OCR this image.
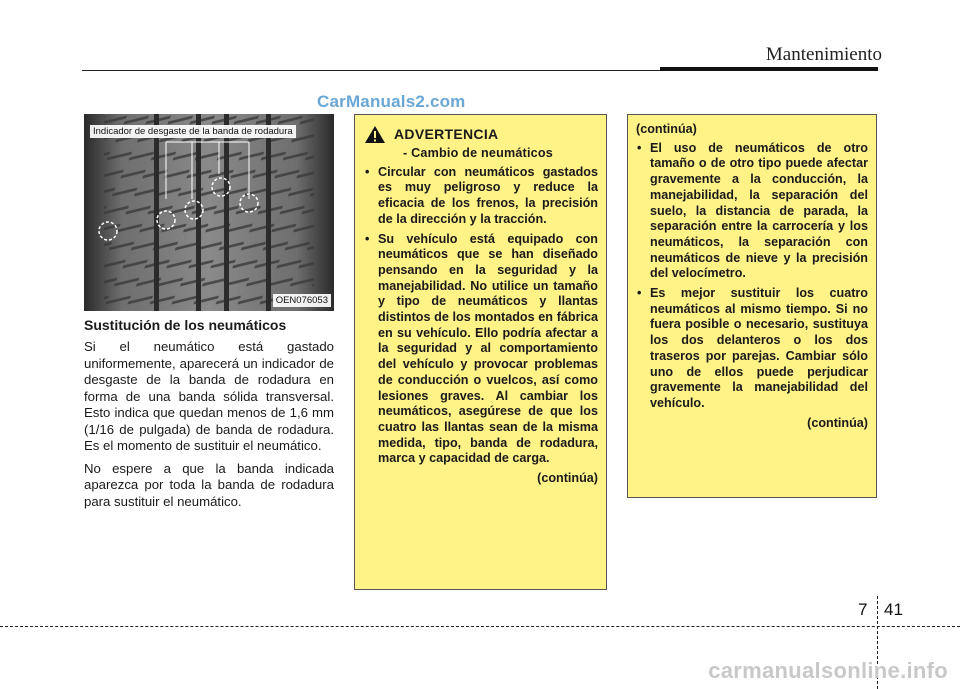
Mantenimiento
CarManuals2.com
Indicador de desgaste de la banda de rodadura
OEN076053
Sustitución de los neumáticos

Si el neumático está gastado uniformemente, aparecerá un indicador de desgaste de la banda de rodadura en forma de una banda sólida transversal. Esto indica que quedan menos de 1,6 mm (1/16 de pulgada) de banda de rodadura. Es el momento de sustituir el neumático.

No espere a que la banda indicada aparezca por toda la banda de rodadura para sustituir el neumático.

ADVERTENCIA
- Cambio de neumáticos
• Circular con neumáticos gastados es muy peligroso y reduce la eficacia de los frenos, la precisión de la dirección y la tracción.
• Su vehículo está equipado con neumáticos que se han diseñado pensando en la seguridad y la manejabilidad. No utilice un tamaño y tipo de neumáticos y llantas distintos de los montados en fábrica en su vehículo. Ello podría afectar a la seguridad y al comportamiento del vehículo y provocar problemas de conducción o vuelcos, así como lesiones graves. Al cambiar los neumáticos, asegúrese de que los cuatro las llantas sean de la misma medida, tipo, banda de rodadura, marca y capacidad de carga.
(continúa)
(continúa)
• El uso de neumáticos de otro tamaño o de otro tipo puede afectar gravemente a la conducción, la manejabilidad, la separación del suelo, la distancia de parada, la separación entre la carrocería y los neumáticos, la separación con neumáticos de nieve y la precisión del velocímetro.
• Es mejor sustituir los cuatro neumáticos al mismo tiempo. Si no fuera posible o necesario, sustituya los dos delanteros o los dos traseros por parejas. Cambiar sólo uno de ellos puede perjudicar gravemente la manejabilidad del vehículo.
(continúa)
7 41
carmanualsonline.info
